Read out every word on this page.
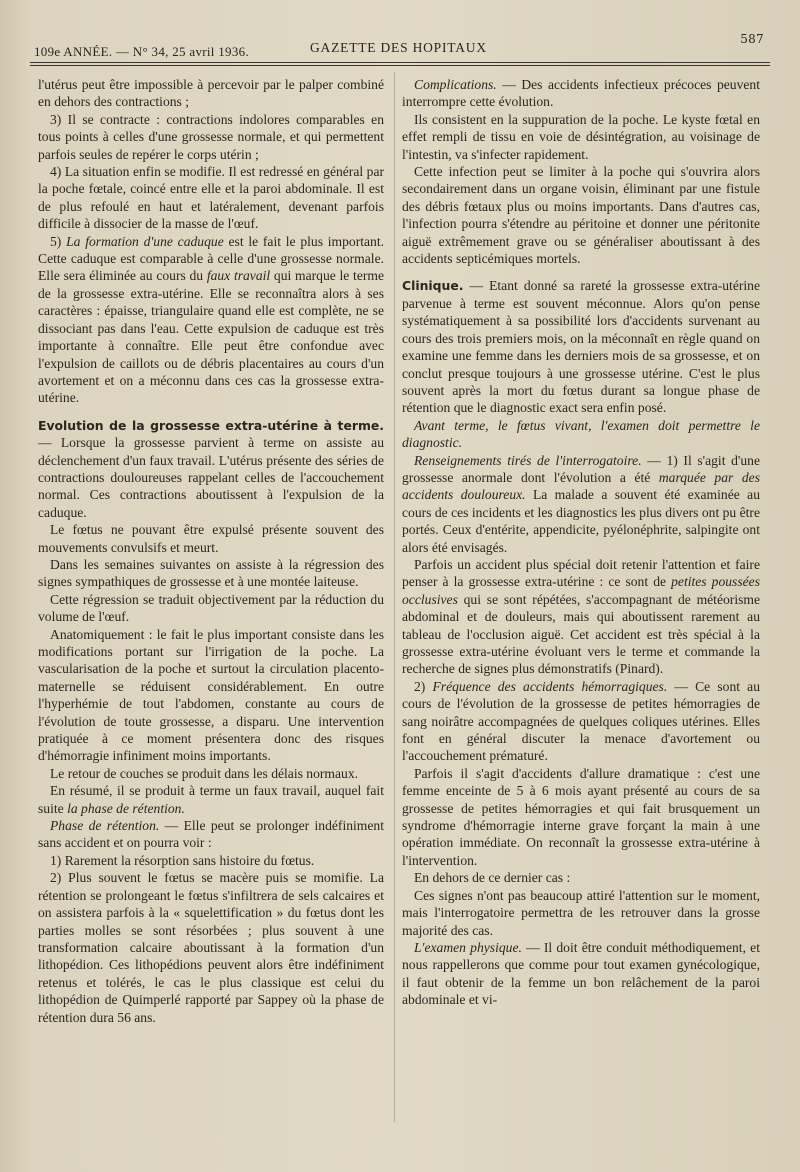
109e ANNÉE. — N° 34, 25 avril 1936.	GAZETTE DES HOPITAUX
587

l'utérus peut être impossible à percevoir par le palper combiné en dehors des contractions ;

3) Il se contracte : contractions indolores comparables en tous points à celles d'une grossesse normale, et qui permettent parfois seules de repérer le corps utérin ;

4) La situation enfin se modifie. Il est redressé en général par la poche fœtale, coincé entre elle et la paroi abdominale. Il est de plus refoulé en haut et latéralement, devenant parfois difficile à dissocier de la masse de l'œuf.

5) La formation d'une caduque est le fait le plus important. Cette caduque est comparable à celle d'une grossesse normale. Elle sera éliminée au cours du faux travail qui marque le terme de la grossesse extra-utérine. Elle se reconnaîtra alors à ses caractères : épaisse, triangulaire quand elle est complète, ne se dissociant pas dans l'eau. Cette expulsion de caduque est très importante à connaître. Elle peut être confondue avec l'expulsion de caillots ou de débris placentaires au cours d'un avortement et on a méconnu dans ces cas la grossesse extra-utérine.

Evolution de la grossesse extra-utérine à terme. — Lorsque la grossesse parvient à terme on assiste au déclenchement d'un faux travail. L'utérus présente des séries de contractions douloureuses rappelant celles de l'accouchement normal. Ces contractions aboutissent à l'expulsion de la caduque.

Le fœtus ne pouvant être expulsé présente souvent des mouvements convulsifs et meurt.

Dans les semaines suivantes on assiste à la régression des signes sympathiques de grossesse et à une montée laiteuse.

Cette régression se traduit objectivement par la réduction du volume de l'œuf.

Anatomiquement : le fait le plus important consiste dans les modifications portant sur l'irrigation de la poche. La vascularisation de la poche et surtout la circulation placento-maternelle se réduisent considérablement. En outre l'hyperhémie de tout l'abdomen, constante au cours de l'évolution de toute grossesse, a disparu. Une intervention pratiquée à ce moment présentera donc des risques d'hémorragie infiniment moins importants.

Le retour de couches se produit dans les délais normaux.

En résumé, il se produit à terme un faux travail, auquel fait suite la phase de rétention.

Phase de rétention. — Elle peut se prolonger indéfiniment sans accident et on pourra voir :

1) Rarement la résorption sans histoire du fœtus.

2) Plus souvent le fœtus se macère puis se momifie. La rétention se prolongeant le fœtus s'infiltrera de sels calcaires et on assistera parfois à la « squelettification » du fœtus dont les parties molles se sont résorbées ; plus souvent à une transformation calcaire aboutissant à la formation d'un lithopédion. Ces lithopédions peuvent alors être indéfiniment retenus et tolérés, le cas le plus classique est celui du lithopédion de Quimperlé rapporté par Sappey où la phase de rétention dura 56 ans.

Complications. — Des accidents infectieux précoces peuvent interrompre cette évolution.

Ils consistent en la suppuration de la poche. Le kyste fœtal en effet rempli de tissu en voie de désintégration, au voisinage de l'intestin, va s'infecter rapidement.

Cette infection peut se limiter à la poche qui s'ouvrira alors secondairement dans un organe voisin, éliminant par une fistule des débris fœtaux plus ou moins importants. Dans d'autres cas, l'infection pourra s'étendre au péritoine et donner une péritonite aiguë extrêmement grave ou se généraliser aboutissant à des accidents septicémiques mortels.

Clinique. — Etant donné sa rareté la grossesse extra-utérine parvenue à terme est souvent méconnue. Alors qu'on pense systématiquement à sa possibilité lors d'accidents survenant au cours des trois premiers mois, on la méconnaît en règle quand on examine une femme dans les derniers mois de sa grossesse, et on conclut presque toujours à une grossesse utérine. C'est le plus souvent après la mort du fœtus durant sa longue phase de rétention que le diagnostic exact sera enfin posé.

Avant terme, le fœtus vivant, l'examen doit permettre le diagnostic.

Renseignements tirés de l'interrogatoire. — 1) Il s'agit d'une grossesse anormale dont l'évolution a été marquée par des accidents douloureux. La malade a souvent été examinée au cours de ces incidents et les diagnostics les plus divers ont pu être portés. Ceux d'entérite, appendicite, pyélonéphrite, salpingite ont alors été envisagés.

Parfois un accident plus spécial doit retenir l'attention et faire penser à la grossesse extra-utérine : ce sont de petites poussées occlusives qui se sont répétées, s'accompagnant de météorisme abdominal et de douleurs, mais qui aboutissent rarement au tableau de l'occlusion aiguë. Cet accident est très spécial à la grossesse extra-utérine évoluant vers le terme et commande la recherche de signes plus démonstratifs (Pinard).

2) Fréquence des accidents hémorragiques. — Ce sont au cours de l'évolution de la grossesse de petites hémorragies de sang noirâtre accompagnées de quelques coliques utérines. Elles font en général discuter la menace d'avortement ou l'accouchement prématuré.

Parfois il s'agit d'accidents d'allure dramatique : c'est une femme enceinte de 5 à 6 mois ayant présenté au cours de sa grossesse de petites hémorragies et qui fait brusquement un syndrome d'hémorragie interne grave forçant la main à une opération immédiate. On reconnaît la grossesse extra-utérine à l'intervention.

En dehors de ce dernier cas :

Ces signes n'ont pas beaucoup attiré l'attention sur le moment, mais l'interrogatoire permettra de les retrouver dans la grosse majorité des cas.

L'examen physique. — Il doit être conduit méthodiquement, et nous rappellerons que comme pour tout examen gynécologique, il faut obtenir de la femme un bon relâchement de la paroi abdominale et vi-
